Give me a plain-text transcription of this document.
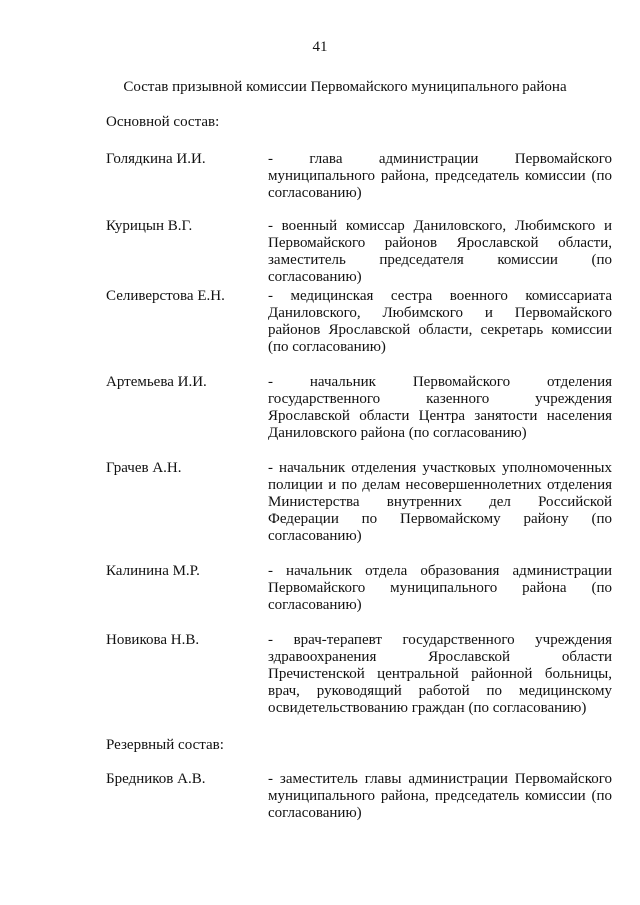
41
Состав призывной комиссии Первомайского муниципального района
Основной состав:
Голядкина И.И.	- глава администрации Первомайского муниципального района, председатель комиссии (по согласованию)
Курицын В.Г.	- военный комиссар Даниловского, Любимского и Первомайского районов Ярославской области, заместитель председателя комиссии (по согласованию)
Селиверстова Е.Н.	- медицинская сестра военного комиссариата Даниловского, Любимского и Первомайского районов Ярославской области, секретарь комиссии (по согласованию)
Артемьева И.И.	- начальник Первомайского отделения государственного казенного учреждения Ярославской области Центра занятости населения Даниловского района (по согласованию)
Грачев А.Н.	- начальник отделения участковых уполномоченных полиции и по делам несовершеннолетних отделения Министерства внутренних дел Российской Федерации по Первомайскому району (по согласованию)
Калинина М.Р.	- начальник отдела образования администрации Первомайского муниципального района (по согласованию)
Новикова Н.В.	- врач-терапевт государственного учреждения здравоохранения Ярославской области Пречистенской центральной районной больницы, врач, руководящий работой по медицинскому освидетельствованию граждан (по согласованию)
Резервный состав:
Бредников А.В.	- заместитель главы администрации Первомайского муниципального района, председатель комиссии (по согласованию)
